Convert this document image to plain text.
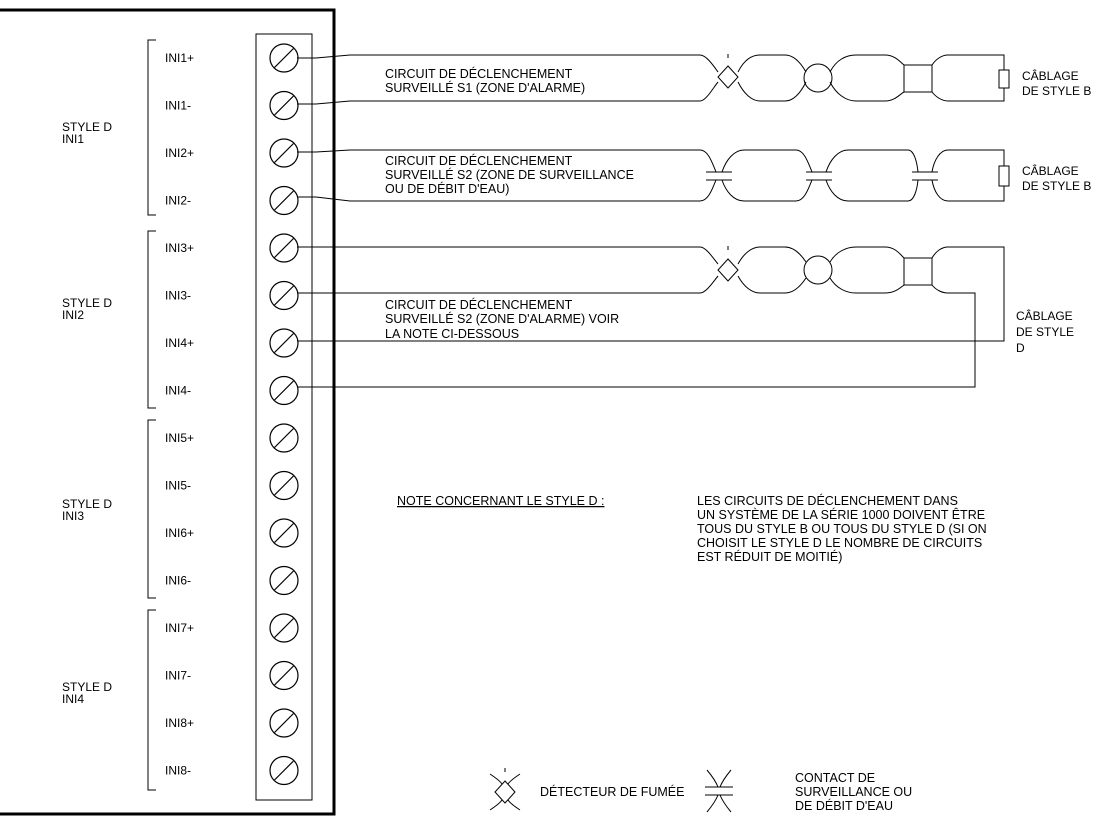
INI1+
INI1-
INI2+
INI2-
INI3+
INI3-
INI4+
INI4-
INI5+
INI5-
INI6+
INI6-
INI7+
INI7-
INI8+
INI8-
STYLE D
INI1
STYLE D
INI2
STYLE D
INI3
STYLE D
INI4
CIRCUIT DE DÉCLENCHEMENT
SURVEILLÉ S1 (ZONE D'ALARME)
CIRCUIT DE DÉCLENCHEMENT
SURVEILLÉ S2 (ZONE DE SURVEILLANCE
OU DE DÉBIT D'EAU)
CIRCUIT DE DÉCLENCHEMENT
SURVEILLÉ S2 (ZONE D'ALARME) VOIR
LA NOTE CI-DESSOUS
CÂBLAGE
DE STYLE B
CÂBLAGE
DE STYLE B
CÂBLAGE
DE STYLE
D
NOTE CONCERNANT LE STYLE D :	LES CIRCUITS DE DÉCLENCHEMENT DANS
UN SYSTÈME DE LA SÉRIE 1000 DOIVENT ÊTRE
TOUS DU STYLE B OU TOUS DU STYLE D (SI ON
CHOISIT LE STYLE D LE NOMBRE DE CIRCUITS
EST RÉDUIT DE MOITIÉ)
DÉTECTEUR DE FUMÉE
CONTACT DE
SURVEILLANCE OU
DE DÉBIT D'EAU
